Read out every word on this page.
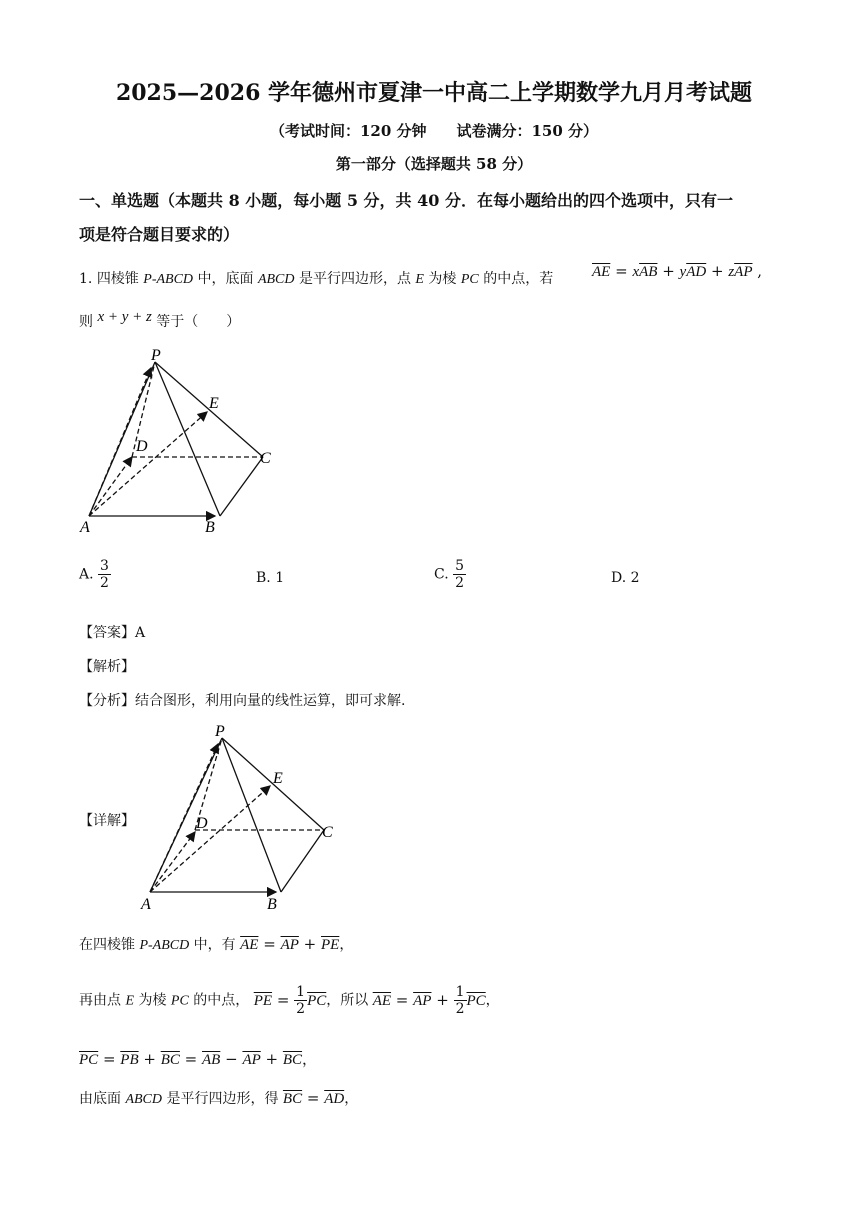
2025—2026 学年德州市夏津一中高二上学期数学九月月考试题
（考试时间：120 分钟　　试卷满分：150 分）
第一部分（选择题共 58 分）
一、单选题（本题共 8 小题，每小题 5 分，共 40 分．在每小题给出的四个选项中，只有一
项是符合题目要求的）
1. 四棱锥 P-ABCD 中，底面 ABCD 是平行四边形，点 E 为棱 PC 的中点，若	$\overline{AE} = x\overline{AB} + y\overline{AD} + z\overline{AP}$ ,
则 x + y + z 等于（　　）
P
E
D
C
A	B
A. $\frac{3}{2}$	B. 1	C. $\frac{5}{2}$	D. 2
【答案】A
【解析】
【分析】结合图形，利用向量的线性运算，即可求解.
【详解】
P
E
D
C
A	B
在四棱锥 P-ABCD 中，有 $\overline{AE} = \overline{AP} + \overline{PE}$，
再由点 E 为棱 PC 的中点， $\overline{PE} = \frac{1}{2} \overline{PC}$，所以 $\overline{AE} = \overline{AP} + \frac{1}{2} \overline{PC}$，
$\overline{PC} = \overline{PB} + \overline{BC} = \overline{AB} - \overline{AP} + \overline{BC}$，
由底面 ABCD 是平行四边形，得 $\overline{BC} = \overline{AD}$，
